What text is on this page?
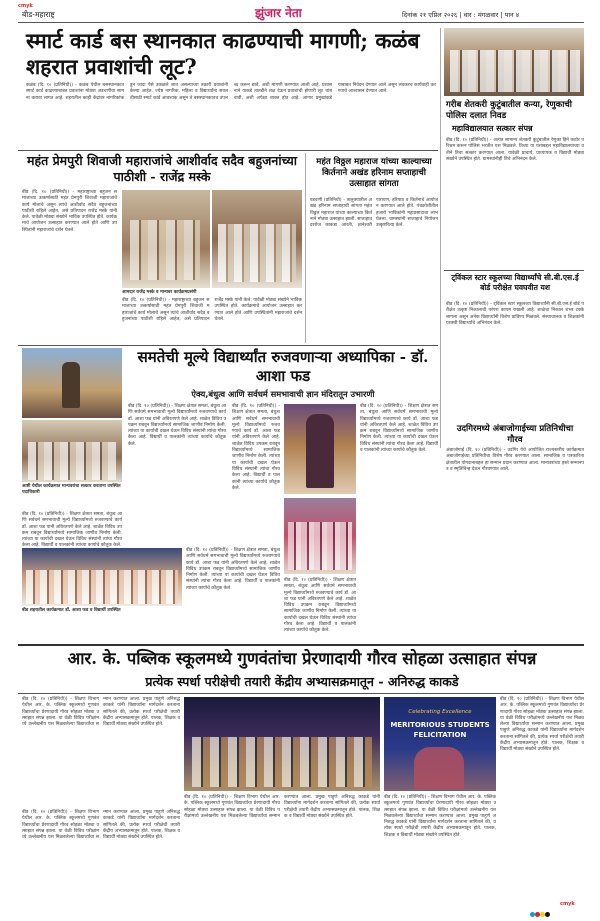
cmyk
बीड-महाराष्ट्र	झुंजार नेता	दिनांक २१ एप्रिल २०२६ | वार : मंगळवार | पान ४
स्मार्ट कार्ड बस स्थानकात काढण्याची मागणी; कळंब शहरात प्रवाशांची लूट?
कळंब (दि. १० (प्रतिनिधी)) - कळंब येथील बसस्थानकात स्मार्ट कार्ड काढण्याबाबत प्रवाशांना मोठ्या अडचणींचा सामना करावा लागत आहे. शहरातील काही केंद्रांवर नागरिकांकडून जादा पैसे उकळले जात असल्याच्या तक्रारी प्रवाशांनी केल्या आहेत. ज्येष्ठ नागरिक, महिला व विद्यार्थ्यांना सवलतीसाठी स्मार्ट कार्ड आवश्यक असून ते बसस्थानकातच उपलब्ध करून द्यावे, अशी मागणी करण्यात आली आहे. प्रशासनाने याकडे तातडीने लक्ष देऊन प्रवाशांची होणारी लूट थांबवावी, अशी अपेक्षा व्यक्त होत आहे. आगार प्रमुखांकडे याबाबत निवेदन देण्यात आले असून लवकरच कार्यवाही करण्याचे आश्वासन देण्यात आले.
गरीब शेतकरी कुटुंबातील कन्या, रेणुकाची पोलिस दलात निवड
महाविद्यालयात सत्कार संपन्न
बीड (दि. १० (प्रतिनिधी)) - अत्यंत सामान्य शेतकरी कुटुंबातील रेणुका हिने कठोर परिश्रम करून पोलिस भरतीत यश मिळवले. तिच्या या यशाबद्दल महाविद्यालयाच्या वतीने तिचा सत्कार करण्यात आला. यावेळी प्राचार्य, प्राध्यापक व विद्यार्थी मोठ्या संख्येने उपस्थित होते. ग्रामस्थांनीही तिचे अभिनंदन केले.
महंत प्रेमपुरी शिवाजी महाराजांचे आशीर्वाद सदैव बहुजनांच्या पाठीशी - राजेंद्र मस्के
बीड (दि. १० (प्रतिनिधी)) - महाराष्ट्राच्या बहुजन समाजाच्या उत्कर्षासाठी महंत प्रेमपुरी शिवाजी महाराजांचे कार्य मोलाचे असून त्यांचे आशीर्वाद सदैव बहुजनांच्या पाठीशी राहिले आहेत, असे प्रतिपादन राजेंद्र मस्के यांनी केले. यावेळी मोठ्या संख्येने भाविक उपस्थित होते. कार्यक्रमाचे आयोजन उत्साहात करण्यात आले होते आणि उपस्थितांनी महाराजांचे दर्शन घेतले.
आमदार राजेंद्र मस्के व मान्यवर कार्यक्रमप्रसंगी
बीड (दि. १० (प्रतिनिधी)) - महाराष्ट्राच्या बहुजन समाजाच्या उत्कर्षासाठी महंत प्रेमपुरी शिवाजी महाराजांचे कार्य मोलाचे असून त्यांचे आशीर्वाद सदैव बहुजनांच्या पाठीशी राहिले आहेत, असे प्रतिपादन राजेंद्र मस्के यांनी केले. यावेळी मोठ्या संख्येने भाविक उपस्थित होते. कार्यक्रमाचे आयोजन उत्साहात करण्यात आले होते आणि उपस्थितांनी महाराजांचे दर्शन घेतले.
महंत विठ्ठल महाराज यांच्या काल्याच्या किर्तनाने अखंड हरिनाम सप्ताहाची उत्साहात सांगता
वडवणी (प्रतिनिधी) - तालुक्यातील अखंड हरिनाम सप्ताहाची सांगता महंत विठ्ठल महाराज यांच्या काल्याच्या किर्तनाने मोठ्या उत्साहात झाली. सप्ताहात दररोज काकडा आरती, ज्ञानेश्वरी पारायण, हरिपाठ व किर्तनाचे आयोजन करण्यात आले होते. पंचक्रोशीतील हजारो भाविकांनी महाप्रसादाचा लाभ घेतला. ग्रामस्थांनी सप्ताहाचे नियोजन उत्कृष्टरित्या केले.
ट्विंकल स्टार स्कूलच्या विद्यार्थ्यांचे सी.बी.एस.ई बोर्ड परीक्षेत घवघवीत यश
बीड (दि. १० (प्रतिनिधी)) - ट्विंकल स्टार स्कूलच्या विद्यार्थ्यांनी सी.बी.एस.ई बोर्ड परीक्षेत उत्कृष्ट निकालाची परंपरा कायम राखली आहे. शाळेचा निकाल शंभर टक्के लागला असून अनेक विद्यार्थ्यांनी विशेष प्राविण्य मिळवले. संस्थाचालक व शिक्षकांनी यशस्वी विद्यार्थ्यांचे अभिनंदन केले.
उदगिरमध्ये अंबाजोगाईच्या प्रतिनिधीचा गौरव
अंबाजोगाई (दि. १० (प्रतिनिधी)) - उदगिर येथे आयोजित राज्यस्तरीय कार्यक्रमात अंबाजोगाईच्या प्रतिनिधीचा विशेष गौरव करण्यात आला. सामाजिक व पत्रकारिता क्षेत्रातील योगदानाबद्दल हा सन्मान प्रदान करण्यात आला. मान्यवरांच्या हस्ते सन्मानपत्र व स्मृतिचिन्ह देऊन गौरवण्यात आले.
समतेची मूल्ये विद्यार्थ्यांत रुजवणाऱ्या अध्यापिका - डॉ. आशा फड
ऐक्य,बंधुत्व आणि सर्वधर्म समभावाची ज्ञान मंदिरातून उभारणी
आष्टी येथील कार्यक्रमात मान्यवरांचा सत्कार करताना उपस्थित पदाधिकारी
बीड (दि. १० (प्रतिनिधी)) - शिक्षण क्षेत्रात समता, बंधुत्व आणि सर्वधर्म समभावाची मूल्ये विद्यार्थ्यांमध्ये रुजवण्याचे कार्य डॉ. आशा फड यांनी अविरतपणे केले आहे. शाळेत विविध उपक्रम राबवून विद्यार्थ्यांमध्ये सामाजिक जाणीव निर्माण केली. त्यांच्या या कार्याची दखल घेऊन विविध संस्थांनी त्यांचा गौरव केला आहे. विद्यार्थी व पालकांनी त्यांच्या कार्याचे कौतुक केले.
बीड शहरातील कार्यक्रमात डॉ. आशा फड व विद्यार्थी उपस्थित
बीड (दि. १० (प्रतिनिधी)) - शिक्षण क्षेत्रात समता, बंधुत्व आणि सर्वधर्म समभावाची मूल्ये विद्यार्थ्यांमध्ये रुजवण्याचे कार्य डॉ. आशा फड यांनी अविरतपणे केले आहे. शाळेत विविध उपक्रम राबवून विद्यार्थ्यांमध्ये सामाजिक जाणीव निर्माण केली. त्यांच्या या कार्याची दखल घेऊन विविध संस्थांनी त्यांचा गौरव केला आहे. विद्यार्थी व पालकांनी त्यांच्या कार्याचे कौतुक केले.
बीड (दि. १० (प्रतिनिधी)) - शिक्षण क्षेत्रात समता, बंधुत्व आणि सर्वधर्म समभावाची मूल्ये विद्यार्थ्यांमध्ये रुजवण्याचे कार्य डॉ. आशा फड यांनी अविरतपणे केले आहे. शाळेत विविध उपक्रम राबवून विद्यार्थ्यांमध्ये सामाजिक जाणीव निर्माण केली. त्यांच्या या कार्याची दखल घेऊन विविध संस्थांनी त्यांचा गौरव केला आहे. विद्यार्थी व पालकांनी त्यांच्या कार्याचे कौतुक केले.
बीड (दि. १० (प्रतिनिधी)) - शिक्षण क्षेत्रात समता, बंधुत्व आणि सर्वधर्म समभावाची मूल्ये विद्यार्थ्यांमध्ये रुजवण्याचे कार्य डॉ. आशा फड यांनी अविरतपणे केले आहे. शाळेत विविध उपक्रम राबवून विद्यार्थ्यांमध्ये सामाजिक जाणीव निर्माण केली. त्यांच्या या कार्याची दखल घेऊन विविध संस्थांनी त्यांचा गौरव केला आहे. विद्यार्थी व पालकांनी त्यांच्या कार्याचे कौतुक केले.
बीड (दि. १० (प्रतिनिधी)) - शिक्षण क्षेत्रात समता, बंधुत्व आणि सर्वधर्म समभावाची मूल्ये विद्यार्थ्यांमध्ये रुजवण्याचे कार्य डॉ. आशा फड यांनी अविरतपणे केले आहे. शाळेत विविध उपक्रम राबवून विद्यार्थ्यांमध्ये सामाजिक जाणीव निर्माण केली. त्यांच्या या कार्याची दखल घेऊन विविध संस्थांनी त्यांचा गौरव केला आहे. विद्यार्थी व पालकांनी त्यांच्या कार्याचे कौतुक केले.
बीड (दि. १० (प्रतिनिधी)) - शिक्षण क्षेत्रात समता, बंधुत्व आणि सर्वधर्म समभावाची मूल्ये विद्यार्थ्यांमध्ये रुजवण्याचे कार्य डॉ. आशा फड यांनी अविरतपणे केले आहे. शाळेत विविध उपक्रम राबवून विद्यार्थ्यांमध्ये सामाजिक जाणीव निर्माण केली. त्यांच्या या कार्याची दखल घेऊन विविध संस्थांनी त्यांचा गौरव केला आहे. विद्यार्थी व पालकांनी त्यांच्या कार्याचे कौतुक केले.
आर. के. पब्लिक स्कूलमध्ये गुणवंतांचा प्रेरणादायी गौरव सोहळा उत्साहात संपन्न
प्रत्येक स्पर्धा परीक्षेची तयारी केंद्रीय अभ्यासक्रमातून - अनिरुद्ध काकडे
बीड (दि. १० (प्रतिनिधी)) - शिक्षण विभाग येथील आर. के. पब्लिक स्कूलमध्ये गुणवंत विद्यार्थ्यांचा प्रेरणादायी गौरव सोहळा मोठ्या उत्साहात संपन्न झाला. या वेळी विविध परीक्षांमध्ये उल्लेखनीय यश मिळवलेल्या विद्यार्थ्यांचा सन्मान करण्यात आला. प्रमुख पाहुणे अनिरुद्ध काकडे यांनी विद्यार्थ्यांना मार्गदर्शन करताना सांगितले की, प्रत्येक स्पर्धा परीक्षेची तयारी केंद्रीय अभ्यासक्रमातून होते. पालक, शिक्षक व विद्यार्थी मोठ्या संख्येने उपस्थित होते.
Celebrating Excellence
MERITORIOUS STUDENTS
FELICITATION
बीड (दि. १० (प्रतिनिधी)) - शिक्षण विभाग येथील आर. के. पब्लिक स्कूलमध्ये गुणवंत विद्यार्थ्यांचा प्रेरणादायी गौरव सोहळा मोठ्या उत्साहात संपन्न झाला. या वेळी विविध परीक्षांमध्ये उल्लेखनीय यश मिळवलेल्या विद्यार्थ्यांचा सन्मान करण्यात आला. प्रमुख पाहुणे अनिरुद्ध काकडे यांनी विद्यार्थ्यांना मार्गदर्शन करताना सांगितले की, प्रत्येक स्पर्धा परीक्षेची तयारी केंद्रीय अभ्यासक्रमातून होते. पालक, शिक्षक व विद्यार्थी मोठ्या संख्येने उपस्थित होते.
बीड (दि. १० (प्रतिनिधी)) - शिक्षण विभाग येथील आर. के. पब्लिक स्कूलमध्ये गुणवंत विद्यार्थ्यांचा प्रेरणादायी गौरव सोहळा मोठ्या उत्साहात संपन्न झाला. या वेळी विविध परीक्षांमध्ये उल्लेखनीय यश मिळवलेल्या विद्यार्थ्यांचा सन्मान करण्यात आला. प्रमुख पाहुणे अनिरुद्ध काकडे यांनी विद्यार्थ्यांना मार्गदर्शन करताना सांगितले की, प्रत्येक स्पर्धा परीक्षेची तयारी केंद्रीय अभ्यासक्रमातून होते. पालक, शिक्षक व विद्यार्थी मोठ्या संख्येने उपस्थित होते.
बीड (दि. १० (प्रतिनिधी)) - शिक्षण विभाग येथील आर. के. पब्लिक स्कूलमध्ये गुणवंत विद्यार्थ्यांचा प्रेरणादायी गौरव सोहळा मोठ्या उत्साहात संपन्न झाला. या वेळी विविध परीक्षांमध्ये उल्लेखनीय यश मिळवलेल्या विद्यार्थ्यांचा सन्मान करण्यात आला. प्रमुख पाहुणे अनिरुद्ध काकडे यांनी विद्यार्थ्यांना मार्गदर्शन करताना सांगितले की, प्रत्येक स्पर्धा परीक्षेची तयारी केंद्रीय अभ्यासक्रमातून होते. पालक, शिक्षक व विद्यार्थी मोठ्या संख्येने उपस्थित होते.
बीड (दि. १० (प्रतिनिधी)) - शिक्षण विभाग येथील आर. के. पब्लिक स्कूलमध्ये गुणवंत विद्यार्थ्यांचा प्रेरणादायी गौरव सोहळा मोठ्या उत्साहात संपन्न झाला. या वेळी विविध परीक्षांमध्ये उल्लेखनीय यश मिळवलेल्या विद्यार्थ्यांचा सन्मान करण्यात आला. प्रमुख पाहुणे अनिरुद्ध काकडे यांनी विद्यार्थ्यांना मार्गदर्शन करताना सांगितले की, प्रत्येक स्पर्धा परीक्षेची तयारी केंद्रीय अभ्यासक्रमातून होते. पालक, शिक्षक व विद्यार्थी मोठ्या संख्येने उपस्थित होते.
cmyk
